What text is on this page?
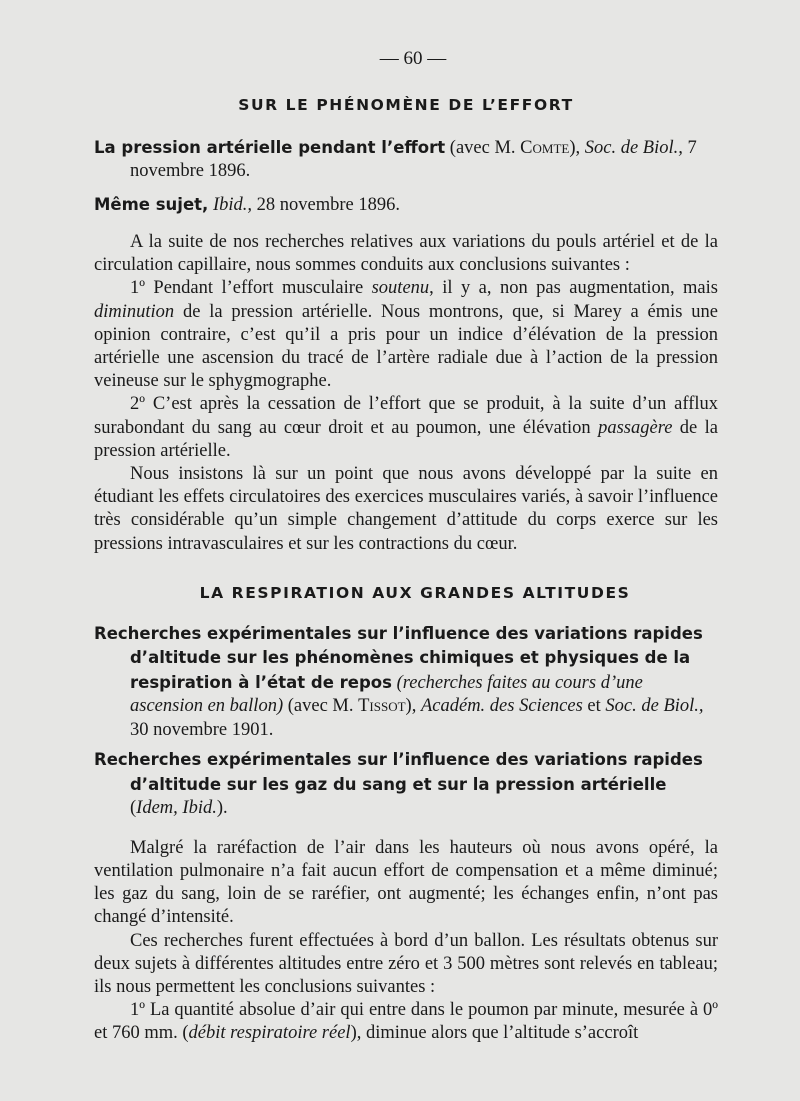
— 60 —
SUR LE PHÉNOMÈNE DE L’EFFORT
La pression artérielle pendant l’effort (avec M. Comte), Soc. de Biol., 7 novembre 1896.
Même sujet, Ibid., 28 novembre 1896.

A la suite de nos recherches relatives aux variations du pouls artériel et de la circulation capillaire, nous sommes conduits aux conclusions suivantes :

1º Pendant l’effort musculaire soutenu, il y a, non pas augmentation, mais diminution de la pression artérielle. Nous montrons, que, si Marey a émis une opinion contraire, c’est qu’il a pris pour un indice d’élévation de la pression artérielle une ascension du tracé de l’artère radiale due à l’action de la pression veineuse sur le sphygmographe.

2º C’est après la cessation de l’effort que se produit, à la suite d’un afflux surabondant du sang au cœur droit et au poumon, une élévation passagère de la pression artérielle.

Nous insistons là sur un point que nous avons développé par la suite en étudiant les effets circulatoires des exercices musculaires variés, à savoir l’influence très considérable qu’un simple changement d’attitude du corps exerce sur les pressions intravasculaires et sur les contractions du cœur.

LA RESPIRATION AUX GRANDES ALTITUDES
Recherches expérimentales sur l’influence des variations rapides d’altitude sur les phénomènes chimiques et physiques de la respiration à l’état de repos (recherches faites au cours d’une ascension en ballon) (avec M. Tissot), Académ. des Sciences et Soc. de Biol., 30 novembre 1901.
Recherches expérimentales sur l’influence des variations rapides d’altitude sur les gaz du sang et sur la pression artérielle (Idem, Ibid.).

Malgré la raréfaction de l’air dans les hauteurs où nous avons opéré, la ventilation pulmonaire n’a fait aucun effort de compensation et a même diminué; les gaz du sang, loin de se raréfier, ont augmenté; les échanges enfin, n’ont pas changé d’intensité.

Ces recherches furent effectuées à bord d’un ballon. Les résultats obtenus sur deux sujets à différentes altitudes entre zéro et 3 500 mètres sont relevés en tableau; ils nous permettent les conclusions suivantes :

1º La quantité absolue d’air qui entre dans le poumon par minute, mesurée à 0º et 760 mm. (débit respiratoire réel), diminue alors que l’altitude s’accroît
